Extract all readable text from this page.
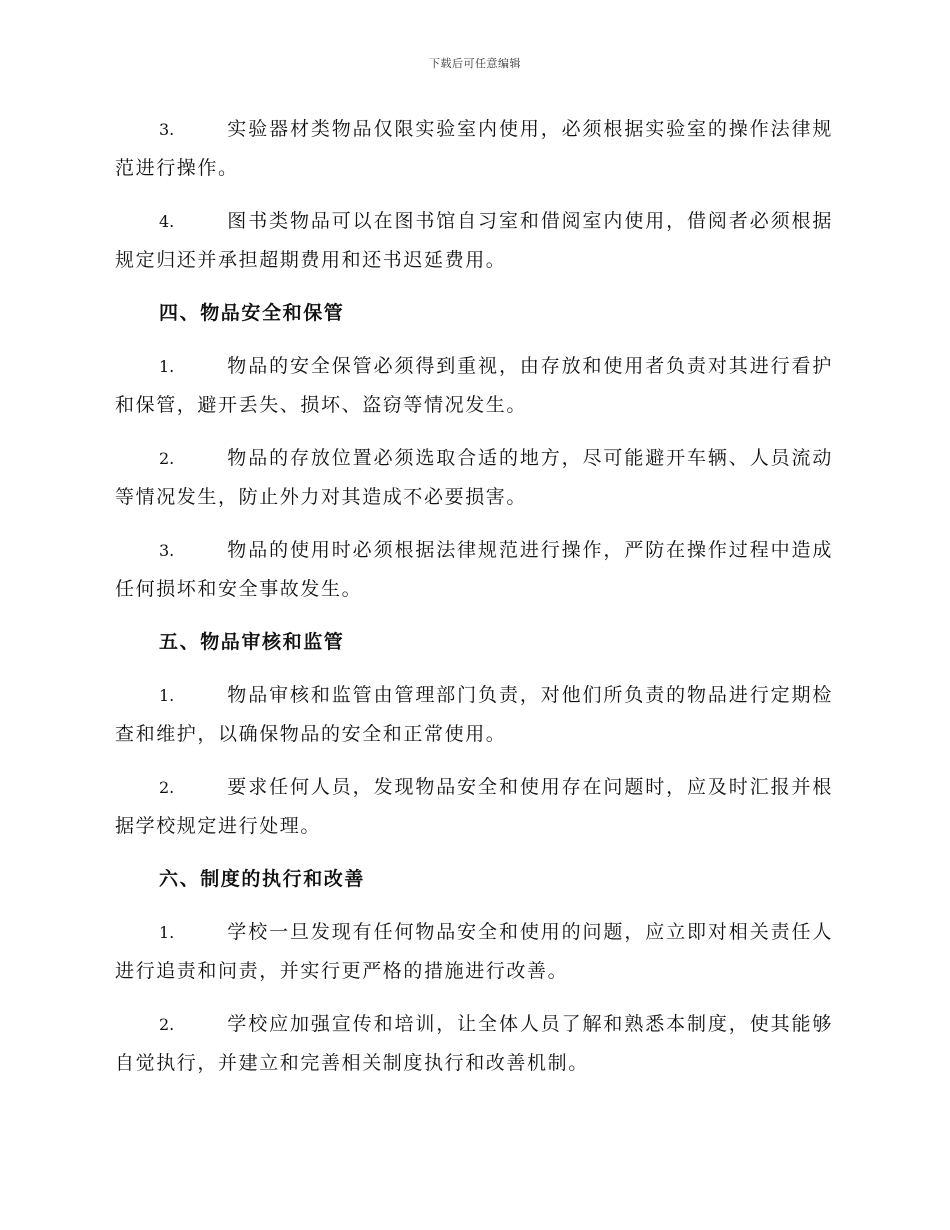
下载后可任意编辑

3.	实验器材类物品仅限实验室内使用，必须根据实验室的操作法律规范进行操作。

4.	图书类物品可以在图书馆自习室和借阅室内使用，借阅者必须根据规定归还并承担超期费用和还书迟延费用。

四、物品安全和保管

1.	物品的安全保管必须得到重视，由存放和使用者负责对其进行看护和保管，避开丢失、损坏、盗窃等情况发生。

2.	物品的存放位置必须选取合适的地方，尽可能避开车辆、人员流动等情况发生，防止外力对其造成不必要损害。

3.	物品的使用时必须根据法律规范进行操作，严防在操作过程中造成任何损坏和安全事故发生。

五、物品审核和监管

1.	物品审核和监管由管理部门负责，对他们所负责的物品进行定期检查和维护，以确保物品的安全和正常使用。

2.	要求任何人员，发现物品安全和使用存在问题时，应及时汇报并根据学校规定进行处理。

六、制度的执行和改善

1.	学校一旦发现有任何物品安全和使用的问题，应立即对相关责任人进行追责和问责，并实行更严格的措施进行改善。

2.	学校应加强宣传和培训，让全体人员了解和熟悉本制度，使其能够自觉执行，并建立和完善相关制度执行和改善机制。
